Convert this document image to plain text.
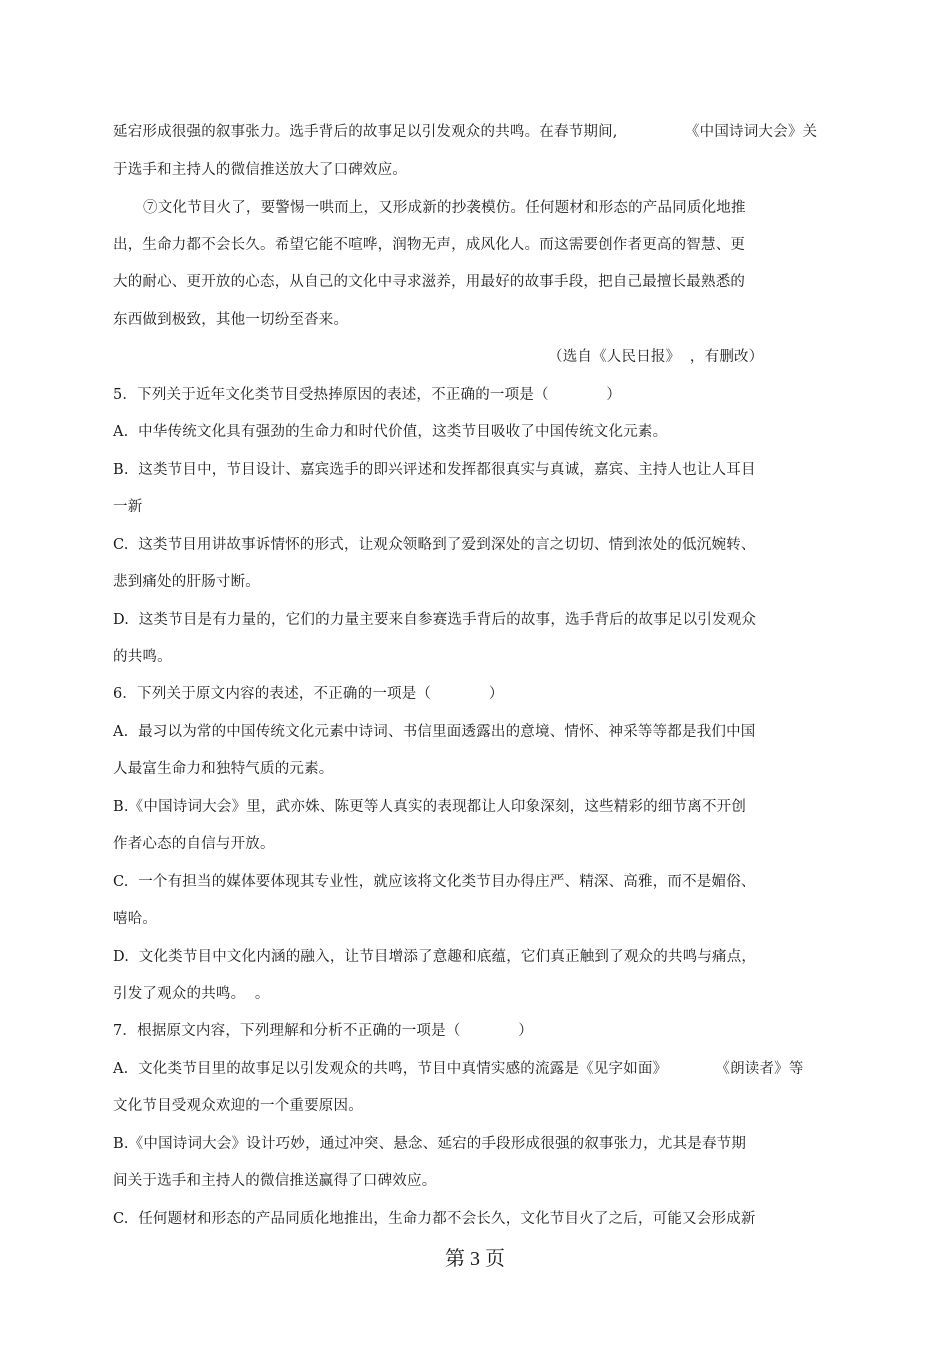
延宕形成很强的叙事张力。选手背后的故事足以引发观众的共鸣。在春节期间,              《中国诗词大会》关
于选手和主持人的微信推送放大了口碑效应。
⑦文化节目火了，要警惕一哄而上，又形成新的抄袭模仿。任何题材和形态的产品同质化地推
出，生命力都不会长久。希望它能不喧哗，润物无声，成风化人。而这需要创作者更高的智慧、更
大的耐心、更开放的心态，从自己的文化中寻求滋养，用最好的故事手段，把自己最擅长最熟悉的
东西做到极致，其他一切纷至沓来。
（选自《人民日报》  ，有删改）
5．下列关于近年文化类节目受热捧原因的表述，不正确的一项是（            ）
A.  中华传统文化具有强劲的生命力和时代价值，这类节目吸收了中国传统文化元素。
B.  这类节目中，节目设计、嘉宾选手的即兴评述和发挥都很真实与真诚，嘉宾、主持人也让人耳目
一新
C.  这类节目用讲故事诉情怀的形式，让观众领略到了爱到深处的言之切切、情到浓处的低沉婉转、
悲到痛处的肝肠寸断。
D.  这类节目是有力量的，它们的力量主要来自参赛选手背后的故事，选手背后的故事足以引发观众
的共鸣。
6．下列关于原文内容的表述，不正确的一项是（            ）
A.  最习以为常的中国传统文化元素中诗词、书信里面透露出的意境、情怀、神采等等都是我们中国
人最富生命力和独特气质的元素。
B.《中国诗词大会》里，武亦姝、陈更等人真实的表现都让人印象深刻，这些精彩的细节离不开创
作者心态的自信与开放。
C.  一个有担当的媒体要体现其专业性，就应该将文化类节目办得庄严、精深、高雅，而不是媚俗、
嘻哈。
D.  文化类节目中文化内涵的融入，让节目增添了意趣和底蕴，它们真正触到了观众的共鸣与痛点，
引发了观众的共鸣。  。
7．根据原文内容，下列理解和分析不正确的一项是（            ）
A.  文化类节目里的故事足以引发观众的共鸣，节目中真情实感的流露是《见字如面》          《朗读者》等
文化节目受观众欢迎的一个重要原因。
B.《中国诗词大会》设计巧妙，通过冲突、悬念、延宕的手段形成很强的叙事张力，尤其是春节期
间关于选手和主持人的微信推送赢得了口碑效应。
C.  任何题材和形态的产品同质化地推出，生命力都不会长久，文化节目火了之后，可能又会形成新
第 3 页
